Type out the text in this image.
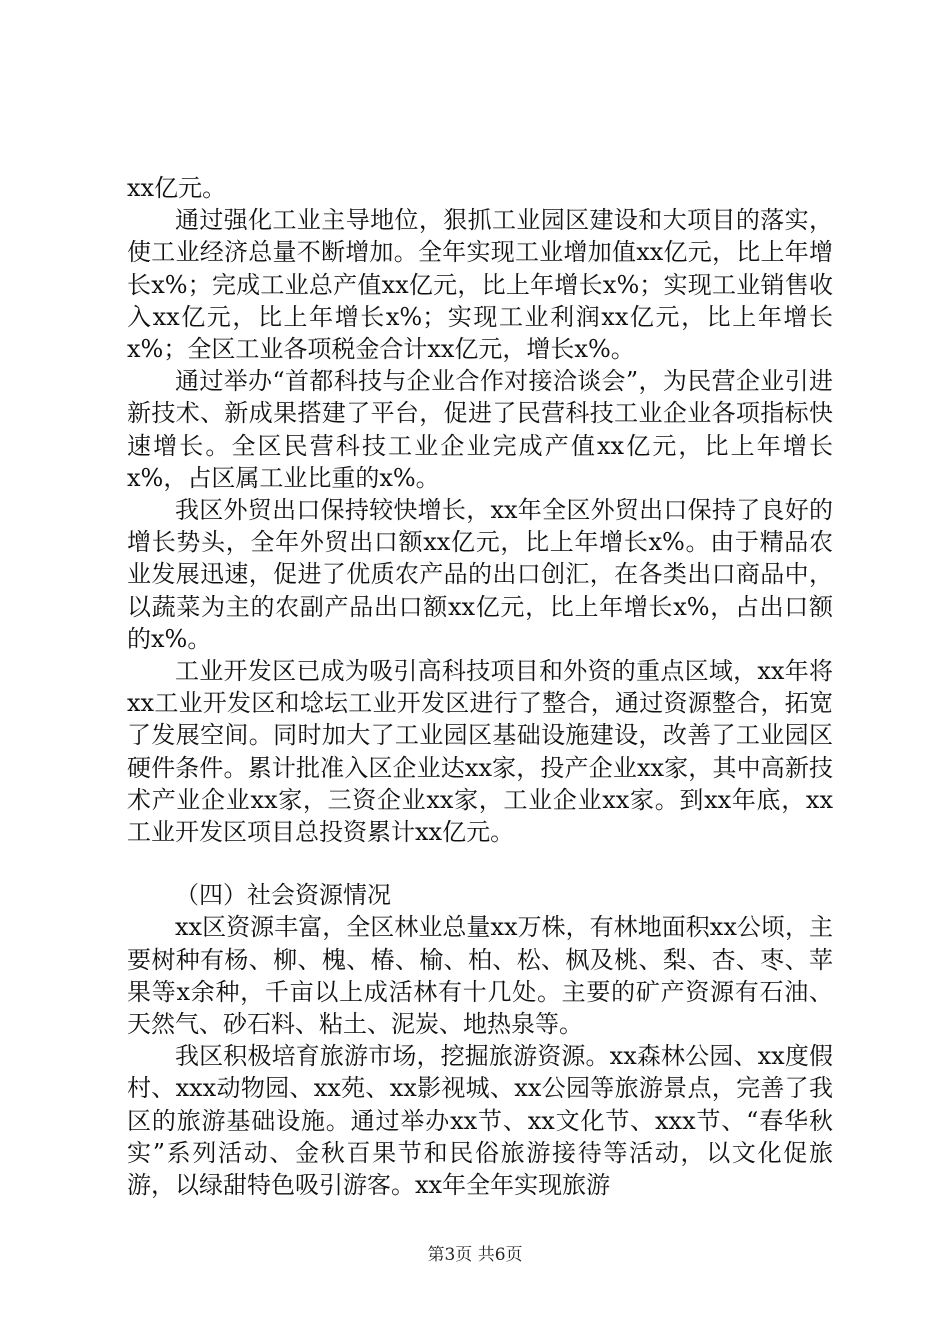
xx亿元。

通过强化工业主导地位，狠抓工业园区建设和大项目的落实，使工业经济总量不断增加。全年实现工业增加值xx亿元，比上年增长x%；完成工业总产值xx亿元，比上年增长x%；实现工业销售收入xx亿元，比上年增长x%；实现工业利润xx亿元，比上年增长x%；全区工业各项税金合计xx亿元，增长x%。

通过举办“首都科技与企业合作对接洽谈会”，为民营企业引进新技术、新成果搭建了平台，促进了民营科技工业企业各项指标快速增长。全区民营科技工业企业完成产值xx亿元，比上年增长x%，占区属工业比重的x%。

我区外贸出口保持较快增长，xx年全区外贸出口保持了良好的增长势头，全年外贸出口额xx亿元，比上年增长x%。由于精品农业发展迅速，促进了优质农产品的出口创汇，在各类出口商品中，以蔬菜为主的农副产品出口额xx亿元，比上年增长x%，占出口额的x%。

工业开发区已成为吸引高科技项目和外资的重点区域，xx年将xx工业开发区和埝坛工业开发区进行了整合，通过资源整合，拓宽了发展空间。同时加大了工业园区基础设施建设，改善了工业园区硬件条件。累计批准入区企业达xx家，投产企业xx家，其中高新技术产业企业xx家，三资企业xx家，工业企业xx家。到xx年底，xx工业开发区项目总投资累计xx亿元。

（四）社会资源情况

xx区资源丰富，全区林业总量xx万株，有林地面积xx公顷，主要树种有杨、柳、槐、椿、榆、柏、松、枫及桃、梨、杏、枣、苹果等x余种，千亩以上成活林有十几处。主要的矿产资源有石油、天然气、砂石料、粘土、泥炭、地热泉等。

我区积极培育旅游市场，挖掘旅游资源。xx森林公园、xx度假村、xxx动物园、xx苑、xx影视城、xx公园等旅游景点，完善了我区的旅游基础设施。通过举办xx节、xx文化节、xxx节、“春华秋实”系列活动、金秋百果节和民俗旅游接待等活动，以文化促旅游，以绿甜特色吸引游客。xx年全年实现旅游

第3页 共6页
